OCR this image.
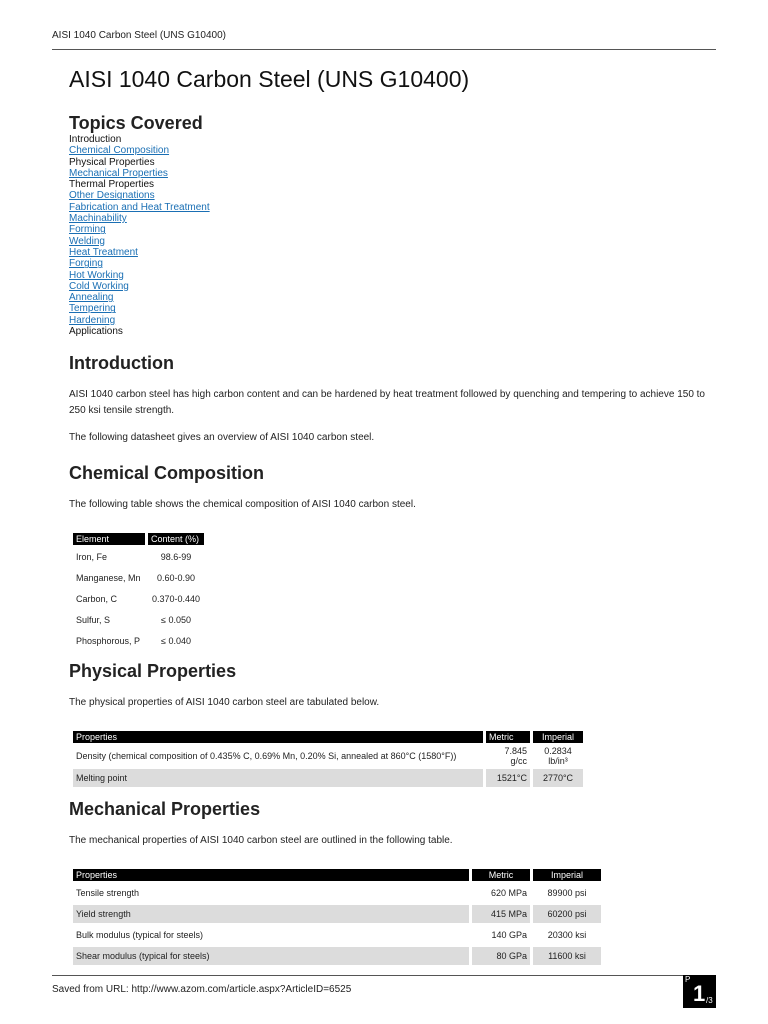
AISI 1040 Carbon Steel (UNS G10400)
AISI 1040 Carbon Steel (UNS G10400)
Topics Covered
Introduction
Chemical Composition
Physical Properties
Mechanical Properties
Thermal Properties
Other Designations
Fabrication and Heat Treatment
Machinability
Forming
Welding
Heat Treatment
Forging
Hot Working
Cold Working
Annealing
Tempering
Hardening
Applications
Introduction

AISI 1040 carbon steel has high carbon content and can be hardened by heat treatment followed by quenching and tempering to achieve 150 to 250 ksi tensile strength.

The following datasheet gives an overview of AISI 1040 carbon steel.

Chemical Composition

The following table shows the chemical composition of AISI 1040 carbon steel.

Element	Content (%)
Iron, Fe	98.6-99
Manganese, Mn	0.60-0.90
Carbon, C	0.370-0.440
Sulfur, S	≤ 0.050
Phosphorous, P	≤ 0.040
Physical Properties

The physical properties of AISI 1040 carbon steel are tabulated below.

Properties	Metric	Imperial
Density (chemical composition of 0.435% C, 0.69% Mn, 0.20% Si, annealed at 860°C (1580°F))	7.845 g/cc	0.2834 lb/in³
Melting point	1521°C	2770°C
Mechanical Properties

The mechanical properties of AISI 1040 carbon steel are outlined in the following table.

Properties	Metric	Imperial
Tensile strength	620 MPa	89900 psi
Yield strength	415 MPa	60200 psi
Bulk modulus (typical for steels)	140 GPa	20300 ksi
Shear modulus (typical for steels)	80 GPa	11600 ksi
Saved from URL: http://www.azom.com/article.aspx?ArticleID=6525
P
1 /3
